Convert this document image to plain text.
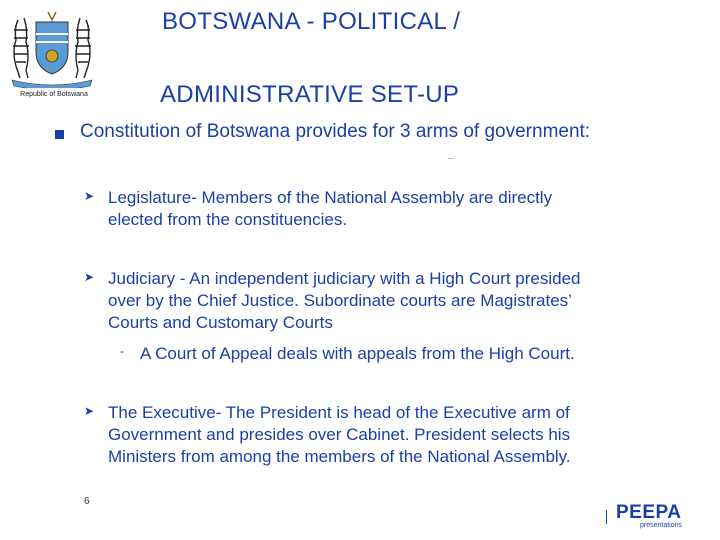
Republic of Botswana
BOTSWANA - POLITICAL /
ADMINISTRATIVE SET-UP
Constitution of Botswana provides for 3 arms of government:
➤ Legislature- Members of the National Assembly are directly
elected from the constituencies.
➤ Judiciary - An independent judiciary with a High Court presided
over by the Chief Justice. Subordinate courts are Magistrates’
Courts and Customary Courts
- A Court of Appeal deals with appeals from the High Court.
➤ The Executive- The President is head of the Executive arm of
Government and presides over Cabinet. President selects his
Ministers from among the members of the National Assembly.
6
PEEPA
presentations
